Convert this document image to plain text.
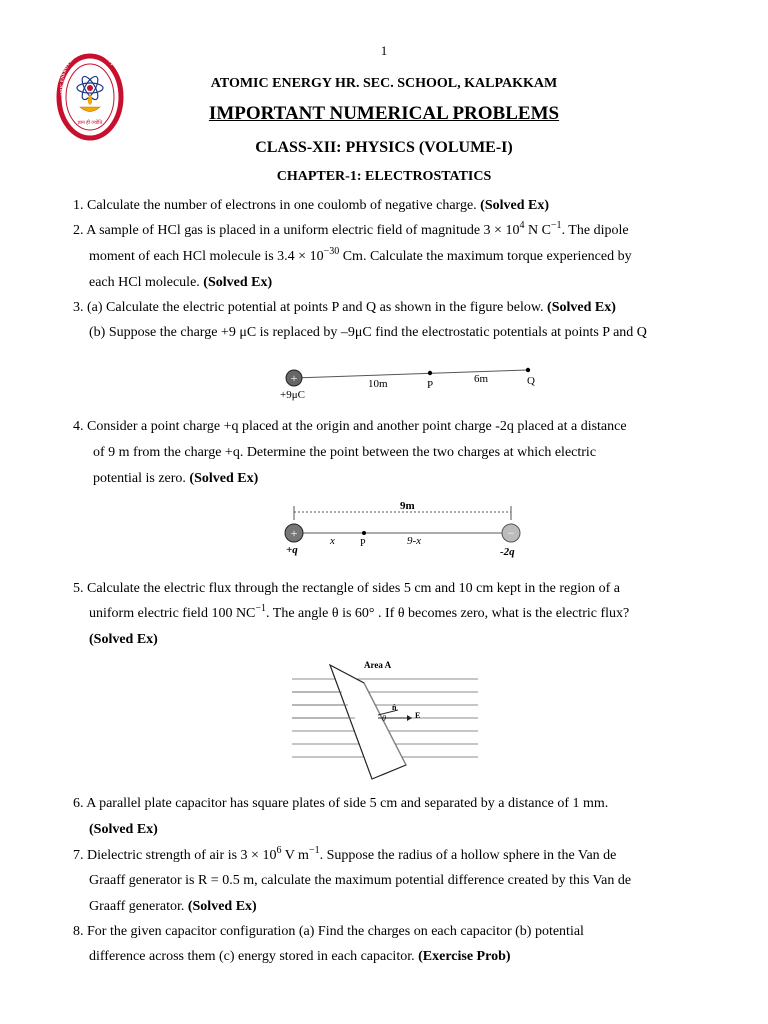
1
ATOMIC ENERGY EDUCATION SOCIETY
ज्ञान ही ज्योति
ATOMIC ENERGY HR. SEC. SCHOOL, KALPAKKAM
IMPORTANT NUMERICAL PROBLEMS
CLASS-XII: PHYSICS (VOLUME-I)
CHAPTER-1: ELECTROSTATICS
1. Calculate the number of electrons in one coulomb of negative charge. (Solved Ex)
2. A sample of HCl gas is placed in a uniform electric field of magnitude $3 \times 10^4$ N $C^{-1}$. The dipole
moment of each HCl molecule is $3.4 \times 10^{-30}$ Cm. Calculate the maximum torque experienced by
each HCl molecule. (Solved Ex)
3. (a) Calculate the electric potential at points P and Q as shown in the figure below. (Solved Ex)
(b) Suppose the charge +9 μC is replaced by –9μC find the electrostatic potentials at points P and Q
+
+9μC
10m	P	6m	Q
4. Consider a point charge +q placed at the origin and another point charge -2q placed at a distance
of 9 m from the charge +q. Determine the point between the two charges at which electric
potential is zero. (Solved Ex)
9m
+	−
+q
x	P	9-x
-2q
5. Calculate the electric flux through the rectangle of sides 5 cm and 10 cm kept in the region of a
uniform electric field 100 $NC^{-1}$. The angle θ is 60° . If θ becomes zero, what is the electric flux?
(Solved Ex)
Area A
n̂
θ	E
6. A parallel plate capacitor has square plates of side 5 cm and separated by a distance of 1 mm.
(Solved Ex)
7. Dielectric strength of air is $3 \times 10^6$ V $m^{-1}$. Suppose the radius of a hollow sphere in the Van de
Graaff generator is R = 0.5 m, calculate the maximum potential difference created by this Van de
Graaff generator. (Solved Ex)
8. For the given capacitor configuration (a) Find the charges on each capacitor (b) potential
difference across them (c) energy stored in each capacitor. (Exercise Prob)
